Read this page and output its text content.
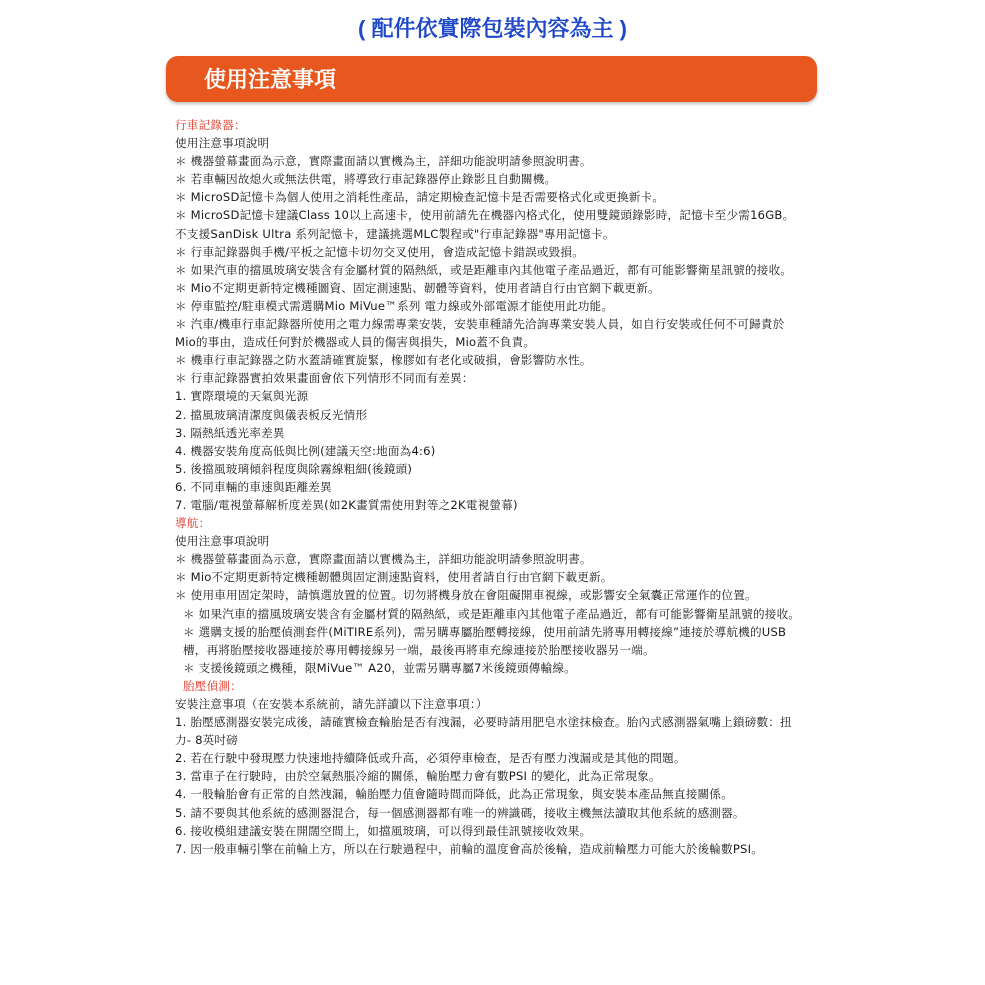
( 配件依實際包裝內容為主 )
使用注意事項
行車記錄器：
使用注意事項說明
＊ 機器螢幕畫面為示意，實際畫面請以實機為主，詳細功能說明請參照說明書。
＊ 若車輛因故熄火或無法供電，將導致行車記錄器停止錄影且自動關機。
＊ MicroSD記憶卡為個人使用之消耗性產品，請定期檢查記憶卡是否需要格式化或更換新卡。
＊ MicroSD記憶卡建議Class 10以上高速卡，使用前請先在機器內格式化，使用雙鏡頭錄影時，記憶卡至少需16GB。不支援SanDisk Ultra 系列記憶卡，建議挑選MLC製程或"行車記錄器"專用記憶卡。
＊ 行車記錄器與手機/平板之記憶卡切勿交叉使用，會造成記憶卡錯誤或毀損。
＊ 如果汽車的擋風玻璃安裝含有金屬材質的隔熱紙，或是距離車內其他電子產品過近，都有可能影響衛星訊號的接收。
＊ Mio不定期更新特定機種圖資、固定測速點、韌體等資料，使用者請自行由官網下載更新。
＊ 停車監控/駐車模式需選購Mio MiVue™系列 電力線或外部電源才能使用此功能。
＊ 汽車/機車行車記錄器所使用之電力線需專業安裝，安裝車種請先洽詢專業安裝人員，如自行安裝或任何不可歸責於Mio的事由，造成任何對於機器或人員的傷害與損失，Mio蓋不負責。
＊ 機車行車記錄器之防水蓋請確實旋緊，橡膠如有老化或破損，會影響防水性。
＊ 行車記錄器實拍效果畫面會依下列情形不同而有差異：
1. 實際環境的天氣與光源
2. 擋風玻璃清潔度與儀表板反光情形
3. 隔熱紙透光率差異
4. 機器安裝角度高低與比例(建議天空:地面為4:6)
5. 後擋風玻璃傾斜程度與除霧線粗細(後鏡頭)
6. 不同車輛的車速與距離差異
7. 電腦/電視螢幕解析度差異(如2K畫質需使用對等之2K電視螢幕)
導航：
使用注意事項說明
＊ 機器螢幕畫面為示意，實際畫面請以實機為主，詳細功能說明請參照說明書。
＊ Mio不定期更新特定機種韌體與固定測速點資料，使用者請自行由官網下載更新。
＊ 使用車用固定架時，請慎選放置的位置。切勿將機身放在會阻礙開車視線，或影響安全氣囊正常運作的位置。
＊ 如果汽車的擋風玻璃安裝含有金屬材質的隔熱紙，或是距離車內其他電子產品過近，都有可能影響衛星訊號的接收。
＊ 選購支援的胎壓偵測套件(MiTIRE系列)，需另購專屬胎壓轉接線，使用前請先將專用轉接線”連接於導航機的USB槽，再將胎壓接收器連接於專用轉接線另一端，最後再將車充線連接於胎壓接收器另一端。
＊ 支援後鏡頭之機種，限MiVue™ A20，並需另購專屬7米後鏡頭傳輸線。
胎壓偵測：
安裝注意事項（在安裝本系統前，請先詳讀以下注意事項：）
1. 胎壓感測器安裝完成後，請確實檢查輪胎是否有洩漏，必要時請用肥皂水塗抹檢查。胎內式感測器氣嘴上鎖磅數：扭力- 8英吋磅
2. 若在行駛中發現壓力快速地持續降低或升高，必須停車檢查，是否有壓力洩漏或是其他的問題。
3. 當車子在行駛時，由於空氣熱脹冷縮的關係，輪胎壓力會有數PSI 的變化，此為正常現象。
4. 一般輪胎會有正常的自然洩漏，輪胎壓力值會隨時間而降低，此為正常現象，與安裝本產品無直接關係。
5. 請不要與其他系統的感測器混合，每一個感測器都有唯一的辨識碼，接收主機無法讀取其他系統的感測器。
6. 接收模組建議安裝在開闊空間上，如擋風玻璃，可以得到最佳訊號接收效果。
7. 因一般車輛引擎在前輪上方，所以在行駛過程中，前輪的溫度會高於後輪，造成前輪壓力可能大於後輪數PSI。
